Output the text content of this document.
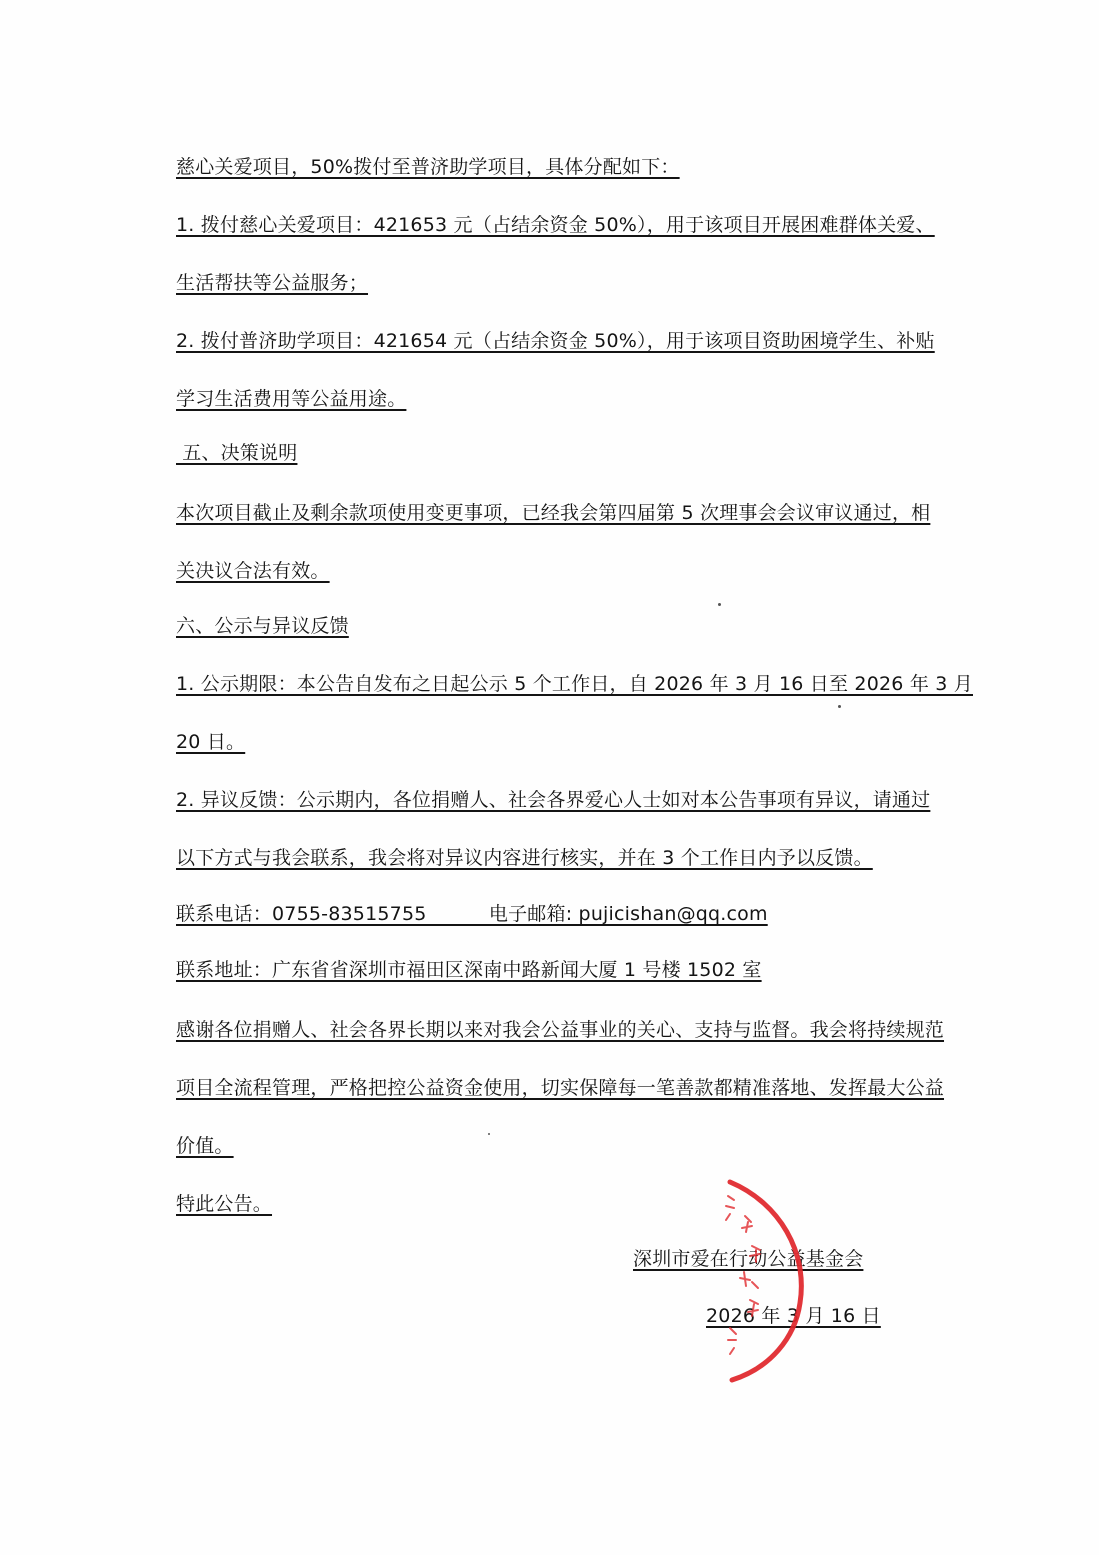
慈心关爱项目，50%拨付至普济助学项目，具体分配如下：
1. 拨付慈心关爱项目：421653 元（占结余资金 50%），用于该项目开展困难群体关爱、
生活帮扶等公益服务；
2. 拨付普济助学项目：421654 元（占结余资金 50%），用于该项目资助困境学生、补贴
学习生活费用等公益用途。
五、决策说明
本次项目截止及剩余款项使用变更事项，已经我会第四届第 5 次理事会会议审议通过，相
关决议合法有效。
六、公示与异议反馈
1. 公示期限：本公告自发布之日起公示 5 个工作日，自 2026 年 3 月 16 日至 2026 年 3 月
20 日。
2. 异议反馈：公示期内，各位捐赠人、社会各界爱心人士如对本公告事项有异议，请通过
以下方式与我会联系，我会将对异议内容进行核实，并在 3 个工作日内予以反馈。
联系电话：0755-83515755          电子邮箱: pujicishan@qq.com
联系地址：广东省省深圳市福田区深南中路新闻大厦 1 号楼 1502 室
感谢各位捐赠人、社会各界长期以来对我会公益事业的关心、支持与监督。我会将持续规范
项目全流程管理，严格把控公益资金使用，切实保障每一笔善款都精准落地、发挥最大公益
价值。
特此公告。
深圳市爱在行动公益基金会
2026 年 3 月 16 日
